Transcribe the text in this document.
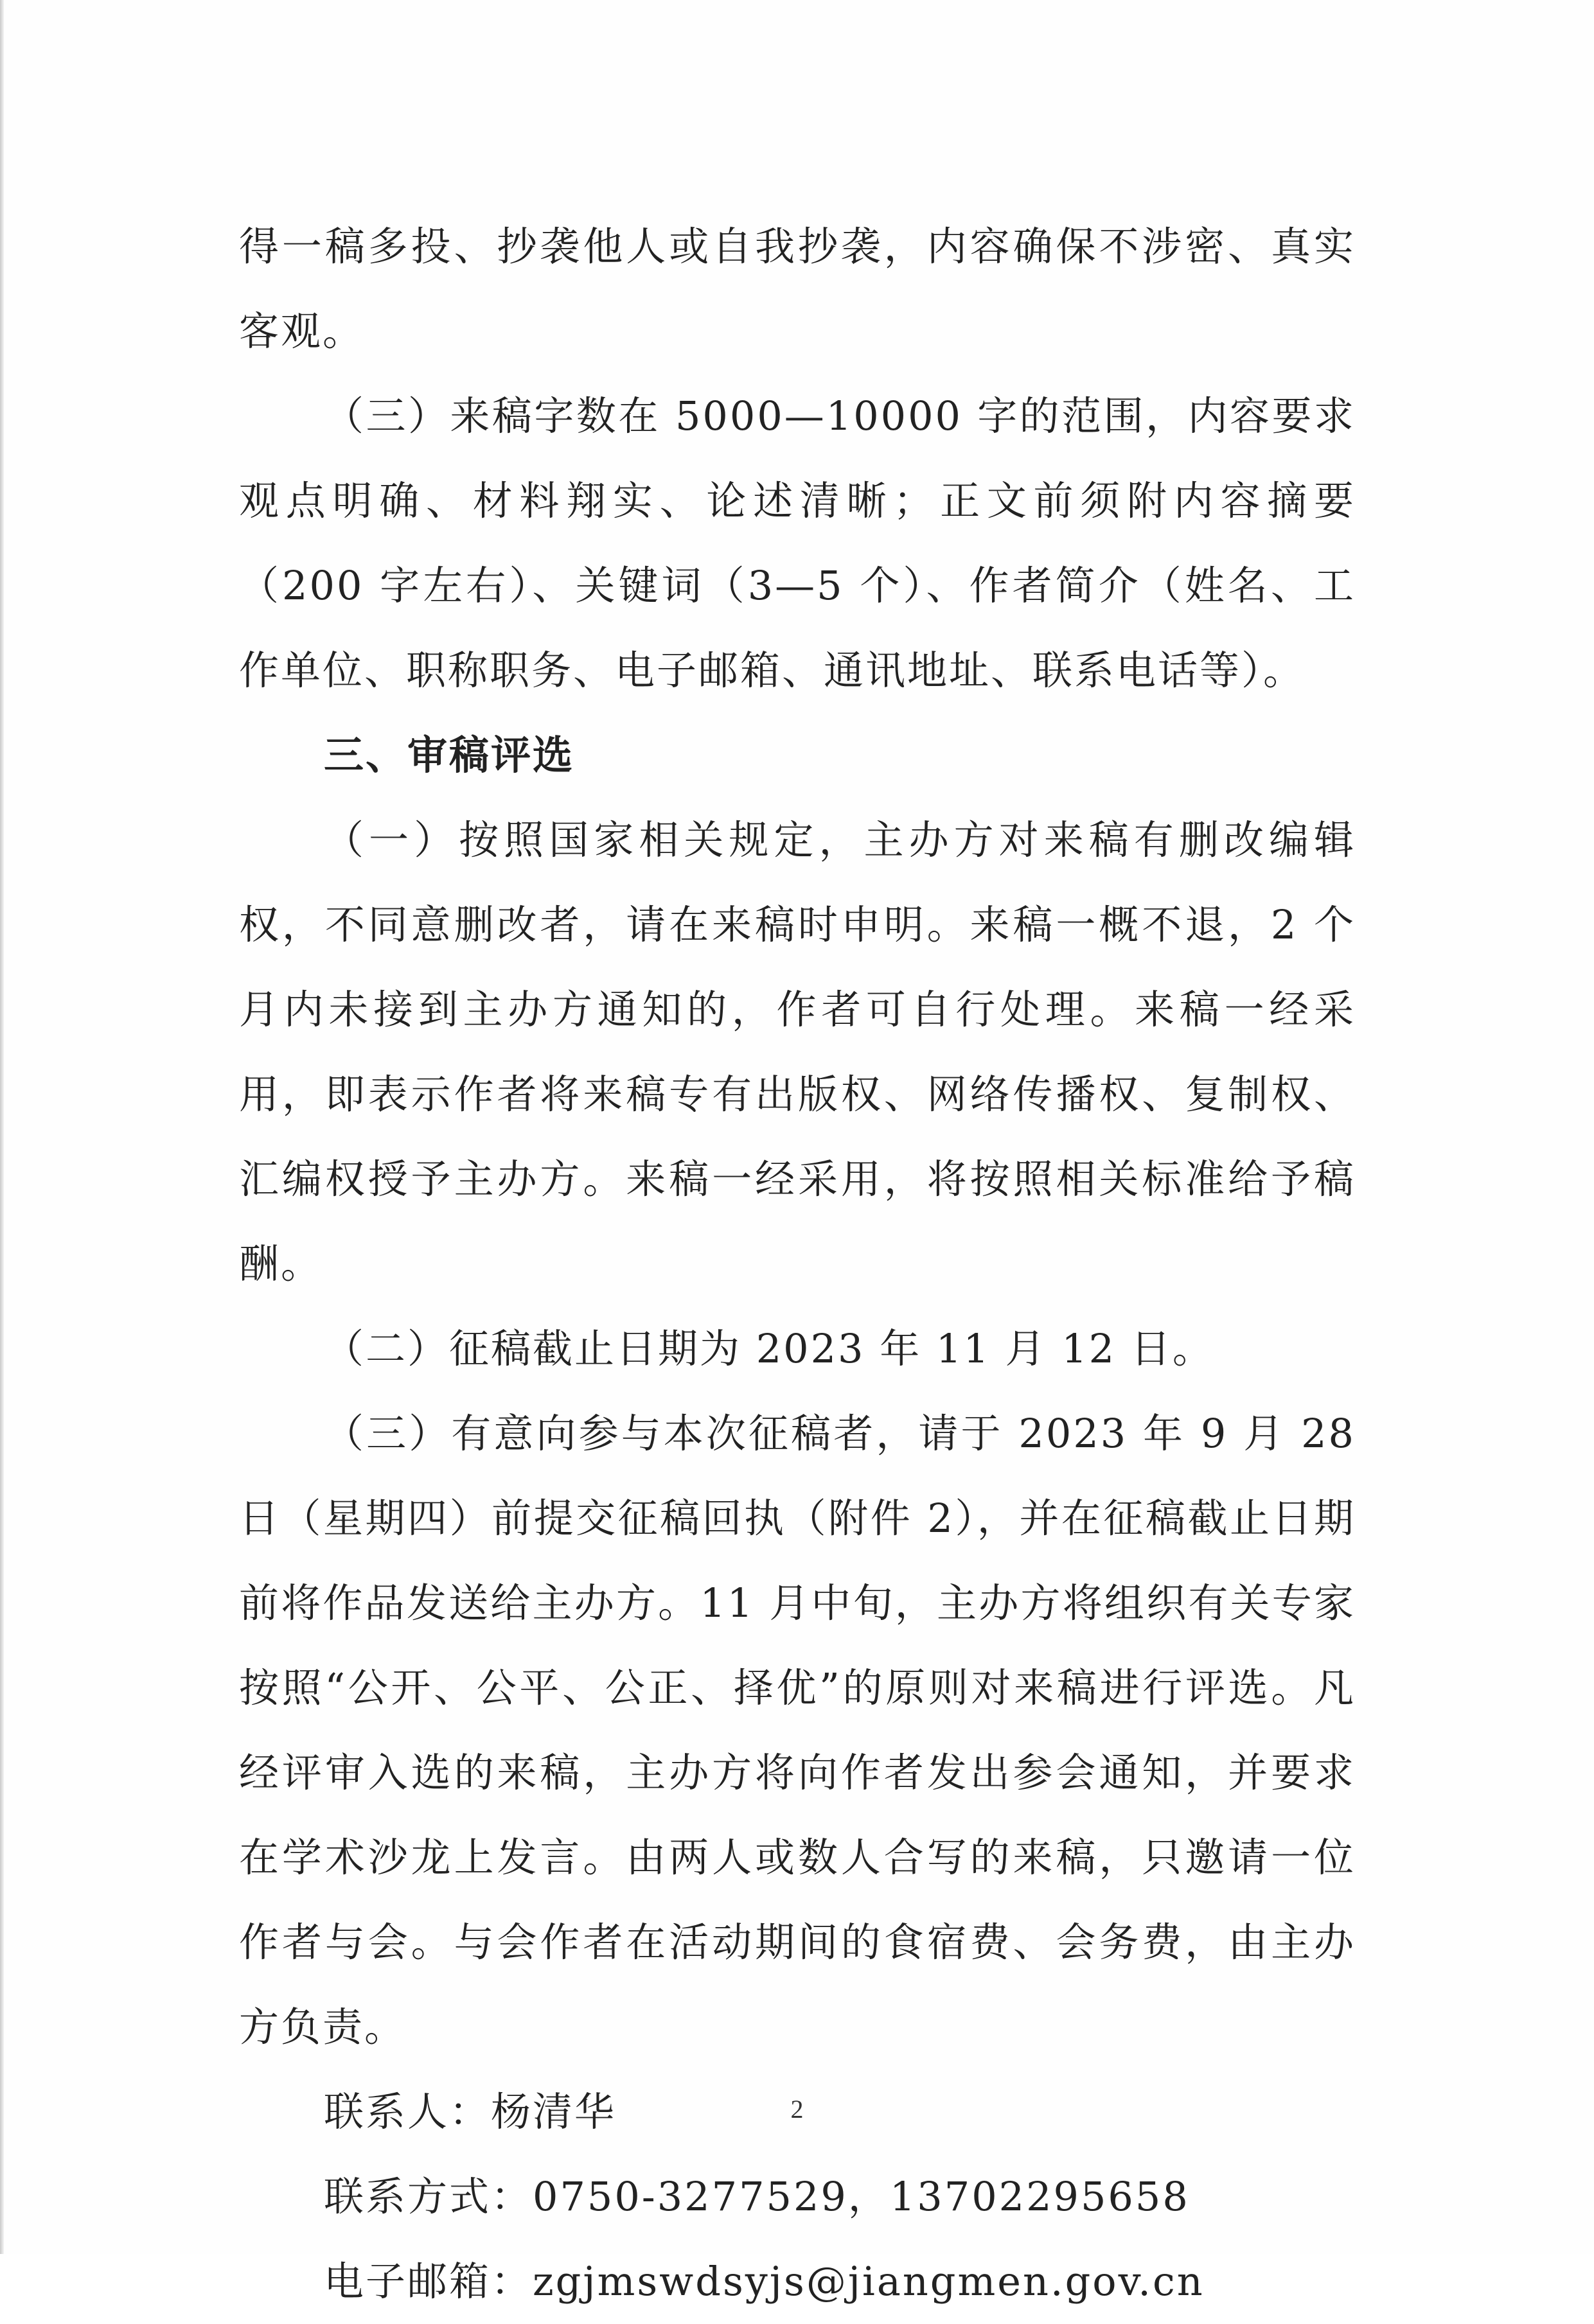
得一稿多投、抄袭他人或自我抄袭，内容确保不涉密、真实客观。

（三）来稿字数在 5000—10000 字的范围，内容要求观点明确、材料翔实、论述清晰；正文前须附内容摘要（200 字左右）、关键词（3—5 个）、作者简介（姓名、工作单位、职称职务、电子邮箱、通讯地址、联系电话等）。

三、审稿评选

（一）按照国家相关规定，主办方对来稿有删改编辑权，不同意删改者，请在来稿时申明。来稿一概不退，2 个月内未接到主办方通知的，作者可自行处理。来稿一经采用，即表示作者将来稿专有出版权、网络传播权、复制权、汇编权授予主办方。来稿一经采用，将按照相关标准给予稿酬。

（二）征稿截止日期为 2023 年 11 月 12 日。

（三）有意向参与本次征稿者，请于 2023 年 9 月 28 日（星期四）前提交征稿回执（附件 2），并在征稿截止日期前将作品发送给主办方。11 月中旬，主办方将组织有关专家按照“公开、公平、公正、择优”的原则对来稿进行评选。凡经评审入选的来稿，主办方将向作者发出参会通知，并要求在学术沙龙上发言。由两人或数人合写的来稿，只邀请一位作者与会。与会作者在活动期间的食宿费、会务费，由主办方负责。

联系人：杨清华

联系方式：0750-3277529，13702295658

电子邮箱：zgjmswdsyjs@jiangmen.gov.cn

2
